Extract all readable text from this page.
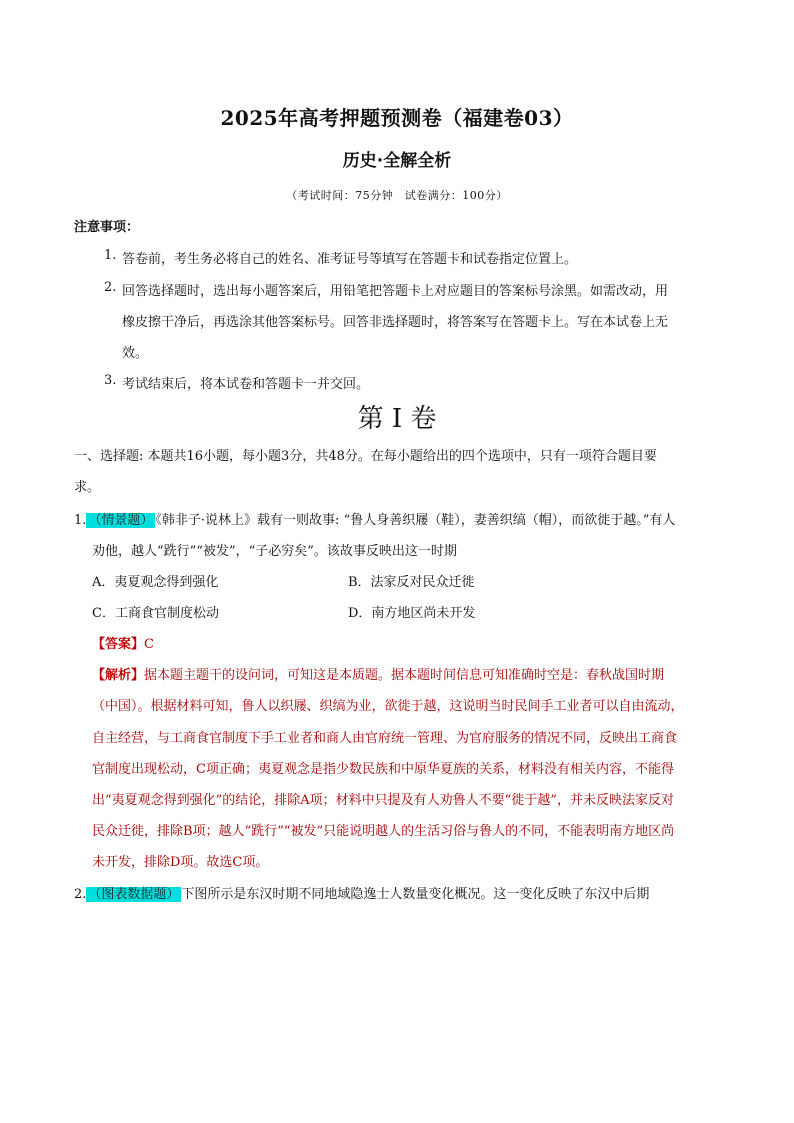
2025年高考押题预测卷（福建卷03）
历史·全解全析
（考试时间：75分钟　试卷满分：100分）
注意事项：
1. 答卷前，考生务必将自己的姓名、准考证号等填写在答题卡和试卷指定位置上。
2. 回答选择题时，选出每小题答案后，用铅笔把答题卡上对应题目的答案标号涂黑。如需改动，用
橡皮擦干净后，再选涂其他答案标号。回答非选择题时，将答案写在答题卡上。写在本试卷上无
效。
3. 考试结束后，将本试卷和答题卡一并交回。
第 I 卷
一、选择题: 本题共16小题，每小题3分，共48分。在每小题给出的四个选项中，只有一项符合题目要
求。
1. （情景题） 《韩非子·说林上》载有一则故事: “鲁人身善织屦（鞋），妻善织缟（帽），而欲徙于越。”有人
劝他，越人“跣行”“被发”，“子必穷矣”。该故事反映出这一时期
A．夷夏观念得到强化	B．法家反对民众迁徙
C．工商食官制度松动	D．南方地区尚未开发
【答案】C
【解析】据本题主题干的设问词，可知这是本质题。据本题时间信息可知准确时空是：春秋战国时期
（中国）。根据材料可知，鲁人以织屦、织缟为业，欲徙于越，这说明当时民间手工业者可以自由流动，
自主经营，与工商食官制度下手工业者和商人由官府统一管理、为官府服务的情况不同，反映出工商食
官制度出现松动，C项正确；夷夏观念是指少数民族和中原华夏族的关系，材料没有相关内容，不能得
出“夷夏观念得到强化”的结论，排除A项；材料中只提及有人劝鲁人不要“徙于越”，并未反映法家反对
民众迁徙，排除B项；越人“跣行”“被发”只能说明越人的生活习俗与鲁人的不同，不能表明南方地区尚
未开发，排除D项。故选C项。
2. （图表数据题） 下图所示是东汉时期不同地域隐逸士人数量变化概况。这一变化反映了东汉中后期
